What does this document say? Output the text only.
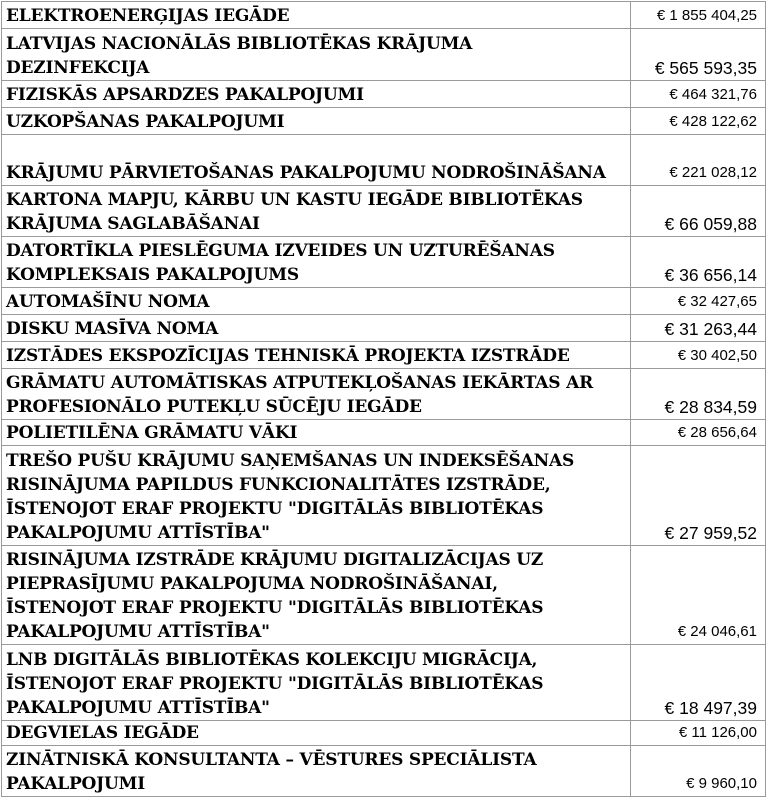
ELEKTROENERĢIJAS IEGĀDE	€ 1 855 404,25
LATVIJAS NACIONĀLĀS BIBLIOTĒKAS KRĀJUMA
DEZINFEKCIJA	€ 565 593,35
FIZISKĀS APSARDZES PAKALPOJUMI	€ 464 321,76
UZKOPŠANAS PAKALPOJUMI	€ 428 122,62
KRĀJUMU PĀRVIETOŠANAS PAKALPOJUMU NODROŠINĀŠANA	€ 221 028,12
KARTONA MAPJU, KĀRBU UN KASTU IEGĀDE BIBLIOTĒKAS
KRĀJUMA SAGLABĀŠANAI	€ 66 059,88
DATORTĪKLA PIESLĒGUMA IZVEIDES UN UZTURĒŠANAS
KOMPLEKSAIS PAKALPOJUMS	€ 36 656,14
AUTOMAŠĪNU NOMA	€ 32 427,65
DISKU MASĪVA NOMA	€ 31 263,44
IZSTĀDES EKSPOZĪCIJAS TEHNISKĀ PROJEKTA IZSTRĀDE	€ 30 402,50
GRĀMATU AUTOMĀTISKAS ATPUTEKĻOŠANAS IEKĀRTAS AR
PROFESIONĀLO PUTEKĻU SŪCĒJU IEGĀDE	€ 28 834,59
POLIETILĒNA GRĀMATU VĀKI	€ 28 656,64
TREŠO PUŠU KRĀJUMU SAŅEMŠANAS UN INDEKSĒŠANAS
RISINĀJUMA PAPILDUS FUNKCIONALITĀTES IZSTRĀDE,
ĪSTENOJOT ERAF PROJEKTU "DIGITĀLĀS BIBLIOTĒKAS
PAKALPOJUMU ATTĪSTĪBA"	€ 27 959,52
RISINĀJUMA IZSTRĀDE KRĀJUMU DIGITALIZĀCIJAS UZ
PIEPRASĪJUMU PAKALPOJUMA NODROŠINĀŠANAI,
ĪSTENOJOT ERAF PROJEKTU "DIGITĀLĀS BIBLIOTĒKAS
PAKALPOJUMU ATTĪSTĪBA"	€ 24 046,61
LNB DIGITĀLĀS BIBLIOTĒKAS KOLEKCIJU MIGRĀCIJA,
ĪSTENOJOT ERAF PROJEKTU "DIGITĀLĀS BIBLIOTĒKAS
PAKALPOJUMU ATTĪSTĪBA"	€ 18 497,39
DEGVIELAS IEGĀDE	€ 11 126,00
ZINĀTNISKĀ KONSULTANTA – VĒSTURES SPECIĀLISTA
PAKALPOJUMI	€ 9 960,10
